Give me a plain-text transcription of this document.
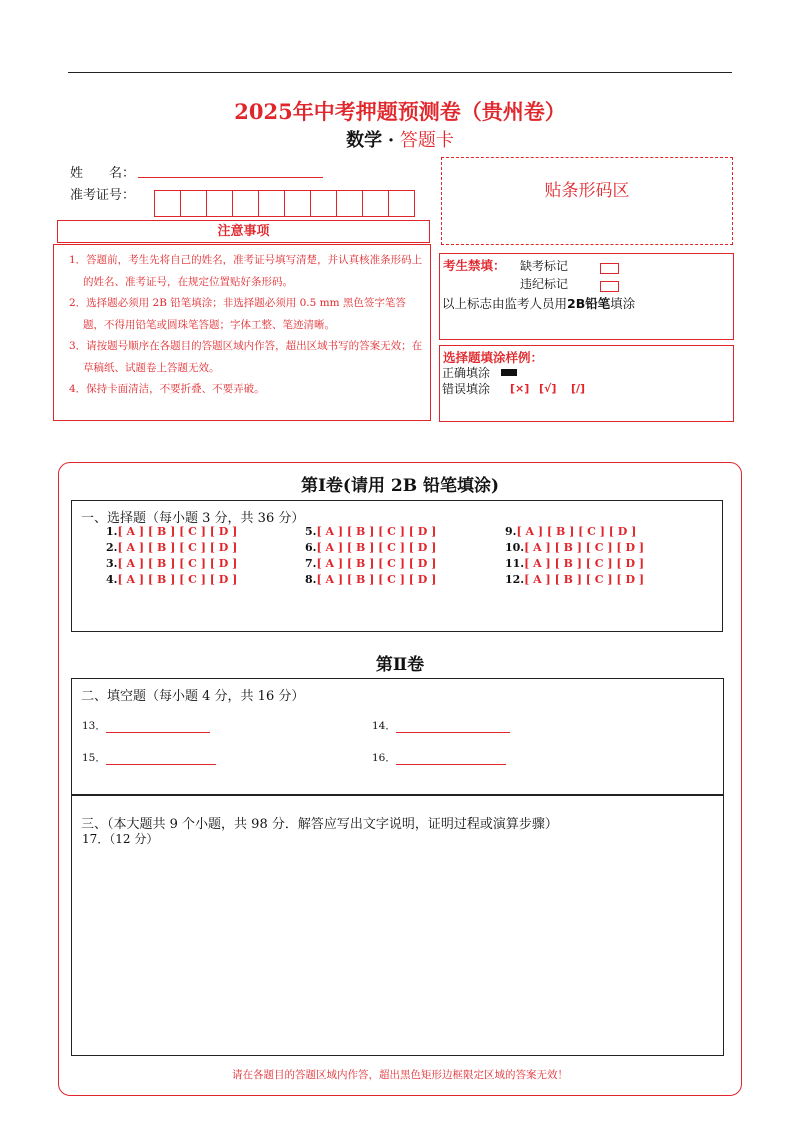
2025年中考押题预测卷（贵州卷）
数学 · 答题卡
姓　　名：
准考证号：	贴条形码区
注意事项
1．答题前，考生先将自己的姓名，准考证号填写清楚，并认真核准条形码上的姓名、准考证号，在规定位置贴好条形码。
2．选择题必须用 2B 铅笔填涂；非选择题必须用 0.5 mm 黑色签字笔答题，不得用铅笔或圆珠笔答题；字体工整、笔迹清晰。
3．请按题号顺序在各题目的答题区域内作答，超出区域书写的答案无效；在草稿纸、试题卷上答题无效。
4．保持卡面清洁，不要折叠、不要弄破。
考生禁填： 缺考标记
违纪标记
以上标志由监考人员用2B铅笔填涂
选择题填涂样例：
正确填涂
错误填涂 [×] [√] [/]
第Ⅰ卷(请用 2B 铅笔填涂)
一、选择题（每小题 3 分，共 36 分）
1.[ A ] [ B ] [ C ] [ D ]
2.[ A ] [ B ] [ C ] [ D ]
3.[ A ] [ B ] [ C ] [ D ]
4.[ A ] [ B ] [ C ] [ D ]
5.[ A ] [ B ] [ C ] [ D ]
6.[ A ] [ B ] [ C ] [ D ]
7.[ A ] [ B ] [ C ] [ D ]
8.[ A ] [ B ] [ C ] [ D ]
9.[ A ] [ B ] [ C ] [ D ]
10.[ A ] [ B ] [ C ] [ D ]
11.[ A ] [ B ] [ C ] [ D ]
12.[ A ] [ B ] [ C ] [ D ]
第Ⅱ卷
二、填空题（每小题 4 分，共 16 分）
13．	14．
15．	16．
三、（本大题共 9 个小题，共 98 分．解答应写出文字说明，证明过程或演算步骤）
17．（12 分）
请在各题目的答题区域内作答，超出黑色矩形边框限定区域的答案无效！
